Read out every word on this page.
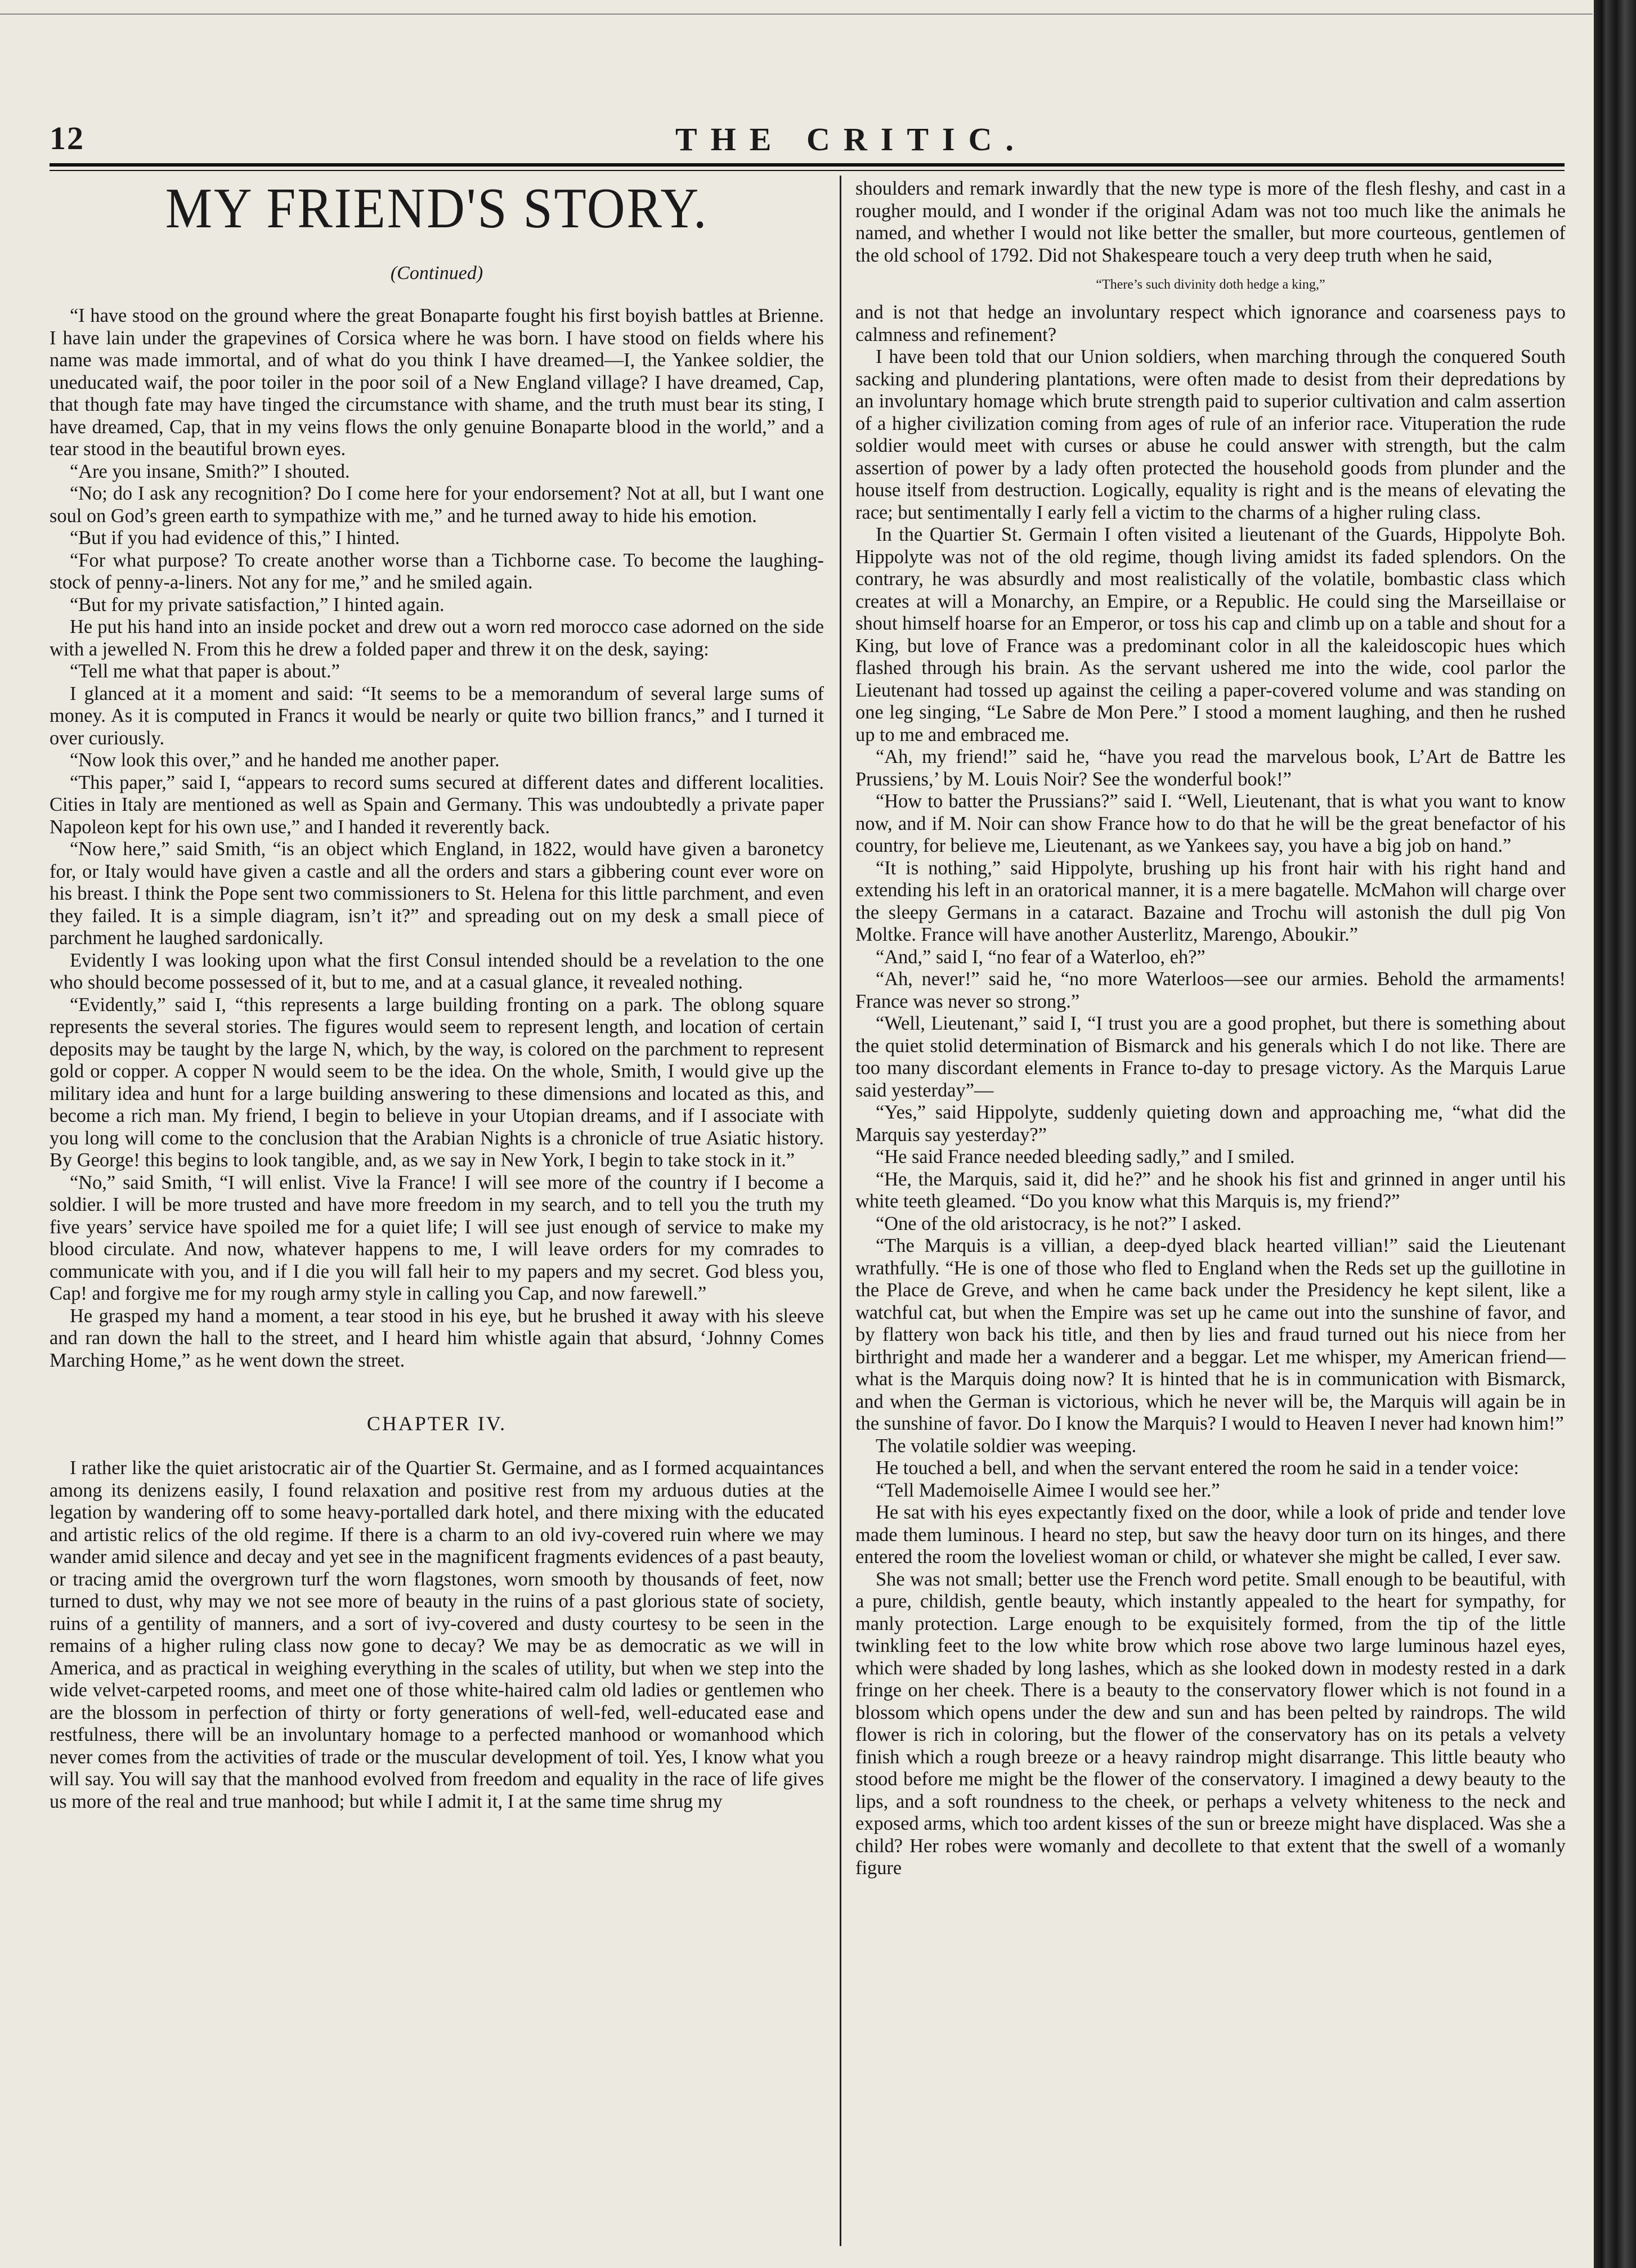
12	THE CRITIC.
MY FRIEND'S STORY.
(Continued)

“I have stood on the ground where the great Bonaparte fought his first boyish battles at Brienne. I have lain under the grapevines of Corsica where he was born. I have stood on fields where his name was made immortal, and of what do you think I have dreamed—I, the Yankee soldier, the uneducated waif, the poor toiler in the poor soil of a New England village? I have dreamed, Cap, that though fate may have tinged the circumstance with shame, and the truth must bear its sting, I have dreamed, Cap, that in my veins flows the only genuine Bonaparte blood in the world,” and a tear stood in the beautiful brown eyes.

“Are you insane, Smith?” I shouted.

“No; do I ask any recognition? Do I come here for your endorsement? Not at all, but I want one soul on God’s green earth to sympathize with me,” and he turned away to hide his emotion.

“But if you had evidence of this,” I hinted.

“For what purpose? To create another worse than a Tichborne case. To become the laughing-stock of penny-a-liners. Not any for me,” and he smiled again.

“But for my private satisfaction,” I hinted again.

He put his hand into an inside pocket and drew out a worn red morocco case adorned on the side with a jewelled N. From this he drew a folded paper and threw it on the desk, saying:

“Tell me what that paper is about.”

I glanced at it a moment and said: “It seems to be a memorandum of several large sums of money. As it is computed in Francs it would be nearly or quite two billion francs,” and I turned it over curiously.

“Now look this over,” and he handed me another paper.

“This paper,” said I, “appears to record sums secured at different dates and different localities. Cities in Italy are mentioned as well as Spain and Germany. This was undoubtedly a private paper Napoleon kept for his own use,” and I handed it reverently back.

“Now here,” said Smith, “is an object which England, in 1822, would have given a baronetcy for, or Italy would have given a castle and all the orders and stars a gibbering count ever wore on his breast. I think the Pope sent two commissioners to St. Helena for this little parchment, and even they failed. It is a simple diagram, isn’t it?” and spreading out on my desk a small piece of parchment he laughed sardonically.

Evidently I was looking upon what the first Consul intended should be a revelation to the one who should become possessed of it, but to me, and at a casual glance, it revealed nothing.

“Evidently,” said I, “this represents a large building fronting on a park. The oblong square represents the several stories. The figures would seem to represent length, and location of certain deposits may be taught by the large N, which, by the way, is colored on the parchment to represent gold or copper. A copper N would seem to be the idea. On the whole, Smith, I would give up the military idea and hunt for a large building answering to these dimensions and located as this, and become a rich man. My friend, I begin to believe in your Utopian dreams, and if I associate with you long will come to the conclusion that the Arabian Nights is a chronicle of true Asiatic history. By George! this begins to look tangible, and, as we say in New York, I begin to take stock in it.”

“No,” said Smith, “I will enlist. Vive la France! I will see more of the country if I become a soldier. I will be more trusted and have more freedom in my search, and to tell you the truth my five years’ service have spoiled me for a quiet life; I will see just enough of service to make my blood circulate. And now, whatever happens to me, I will leave orders for my comrades to communicate with you, and if I die you will fall heir to my papers and my secret. God bless you, Cap! and forgive me for my rough army style in calling you Cap, and now farewell.”

He grasped my hand a moment, a tear stood in his eye, but he brushed it away with his sleeve and ran down the hall to the street, and I heard him whistle again that absurd, ‘Johnny Comes Marching Home,” as he went down the street.

CHAPTER IV.

I rather like the quiet aristocratic air of the Quartier St. Germaine, and as I formed acquaintances among its denizens easily, I found relaxation and positive rest from my arduous duties at the legation by wandering off to some heavy-portalled dark hotel, and there mixing with the educated and artistic relics of the old regime. If there is a charm to an old ivy-covered ruin where we may wander amid silence and decay and yet see in the magnificent fragments evidences of a past beauty, or tracing amid the overgrown turf the worn flagstones, worn smooth by thousands of feet, now turned to dust, why may we not see more of beauty in the ruins of a past glorious state of society, ruins of a gentility of manners, and a sort of ivy-covered and dusty courtesy to be seen in the remains of a higher ruling class now gone to decay? We may be as democratic as we will in America, and as practical in weighing everything in the scales of utility, but when we step into the wide velvet-carpeted rooms, and meet one of those white-haired calm old ladies or gentlemen who are the blossom in perfection of thirty or forty generations of well-fed, well-educated ease and restfulness, there will be an involuntary homage to a perfected manhood or womanhood which never comes from the activities of trade or the muscular development of toil. Yes, I know what you will say. You will say that the manhood evolved from freedom and equality in the race of life gives us more of the real and true manhood; but while I admit it, I at the same time shrug my

shoulders and remark inwardly that the new type is more of the flesh fleshy, and cast in a rougher mould, and I wonder if the original Adam was not too much like the animals he named, and whether I would not like better the smaller, but more courteous, gentlemen of the old school of 1792. Did not Shakespeare touch a very deep truth when he said,

“There’s such divinity doth hedge a king,”

and is not that hedge an involuntary respect which ignorance and coarseness pays to calmness and refinement?

I have been told that our Union soldiers, when marching through the conquered South sacking and plundering plantations, were often made to desist from their depredations by an involuntary homage which brute strength paid to superior cultivation and calm assertion of a higher civilization coming from ages of rule of an inferior race. Vituperation the rude soldier would meet with curses or abuse he could answer with strength, but the calm assertion of power by a lady often protected the household goods from plunder and the house itself from destruction. Logically, equality is right and is the means of elevating the race; but sentimentally I early fell a victim to the charms of a higher ruling class.

In the Quartier St. Germain I often visited a lieutenant of the Guards, Hippolyte Boh. Hippolyte was not of the old regime, though living amidst its faded splendors. On the contrary, he was absurdly and most realistically of the volatile, bombastic class which creates at will a Monarchy, an Empire, or a Republic. He could sing the Marseillaise or shout himself hoarse for an Emperor, or toss his cap and climb up on a table and shout for a King, but love of France was a predominant color in all the kaleidoscopic hues which flashed through his brain. As the servant ushered me into the wide, cool parlor the Lieutenant had tossed up against the ceiling a paper-covered volume and was standing on one leg singing, “Le Sabre de Mon Pere.” I stood a moment laughing, and then he rushed up to me and embraced me.

“Ah, my friend!” said he, “have you read the marvelous book, L’Art de Battre les Prussiens,’ by M. Louis Noir? See the wonderful book!”

“How to batter the Prussians?” said I. “Well, Lieutenant, that is what you want to know now, and if M. Noir can show France how to do that he will be the great benefactor of his country, for believe me, Lieutenant, as we Yankees say, you have a big job on hand.”

“It is nothing,” said Hippolyte, brushing up his front hair with his right hand and extending his left in an oratorical manner, it is a mere bagatelle. McMahon will charge over the sleepy Germans in a cataract. Bazaine and Trochu will astonish the dull pig Von Moltke. France will have another Austerlitz, Marengo, Aboukir.”

“And,” said I, “no fear of a Waterloo, eh?”

“Ah, never!” said he, “no more Waterloos—see our armies. Behold the armaments! France was never so strong.”

“Well, Lieutenant,” said I, “I trust you are a good prophet, but there is something about the quiet stolid determination of Bismarck and his generals which I do not like. There are too many discordant elements in France to-day to presage victory. As the Marquis Larue said yesterday”—

“Yes,” said Hippolyte, suddenly quieting down and approaching me, “what did the Marquis say yesterday?”

“He said France needed bleeding sadly,” and I smiled.

“He, the Marquis, said it, did he?” and he shook his fist and grinned in anger until his white teeth gleamed. “Do you know what this Marquis is, my friend?”

“One of the old aristocracy, is he not?” I asked.

“The Marquis is a villian, a deep-dyed black hearted villian!” said the Lieutenant wrathfully. “He is one of those who fled to England when the Reds set up the guillotine in the Place de Greve, and when he came back under the Presidency he kept silent, like a watchful cat, but when the Empire was set up he came out into the sunshine of favor, and by flattery won back his title, and then by lies and fraud turned out his niece from her birthright and made her a wanderer and a beggar. Let me whisper, my American friend—what is the Marquis doing now? It is hinted that he is in communication with Bismarck, and when the German is victorious, which he never will be, the Marquis will again be in the sunshine of favor. Do I know the Marquis? I would to Heaven I never had known him!”

The volatile soldier was weeping.

He touched a bell, and when the servant entered the room he said in a tender voice:

“Tell Mademoiselle Aimee I would see her.”

He sat with his eyes expectantly fixed on the door, while a look of pride and tender love made them luminous. I heard no step, but saw the heavy door turn on its hinges, and there entered the room the loveliest woman or child, or whatever she might be called, I ever saw.

She was not small; better use the French word petite. Small enough to be beautiful, with a pure, childish, gentle beauty, which instantly appealed to the heart for sympathy, for manly protection. Large enough to be exquisitely formed, from the tip of the little twinkling feet to the low white brow which rose above two large luminous hazel eyes, which were shaded by long lashes, which as she looked down in modesty rested in a dark fringe on her cheek. There is a beauty to the conservatory flower which is not found in a blossom which opens under the dew and sun and has been pelted by raindrops. The wild flower is rich in coloring, but the flower of the conservatory has on its petals a velvety finish which a rough breeze or a heavy raindrop might disarrange. This little beauty who stood before me might be the flower of the conservatory. I imagined a dewy beauty to the lips, and a soft roundness to the cheek, or perhaps a velvety whiteness to the neck and exposed arms, which too ardent kisses of the sun or breeze might have displaced. Was she a child? Her robes were womanly and decollete to that extent that the swell of a womanly figure
